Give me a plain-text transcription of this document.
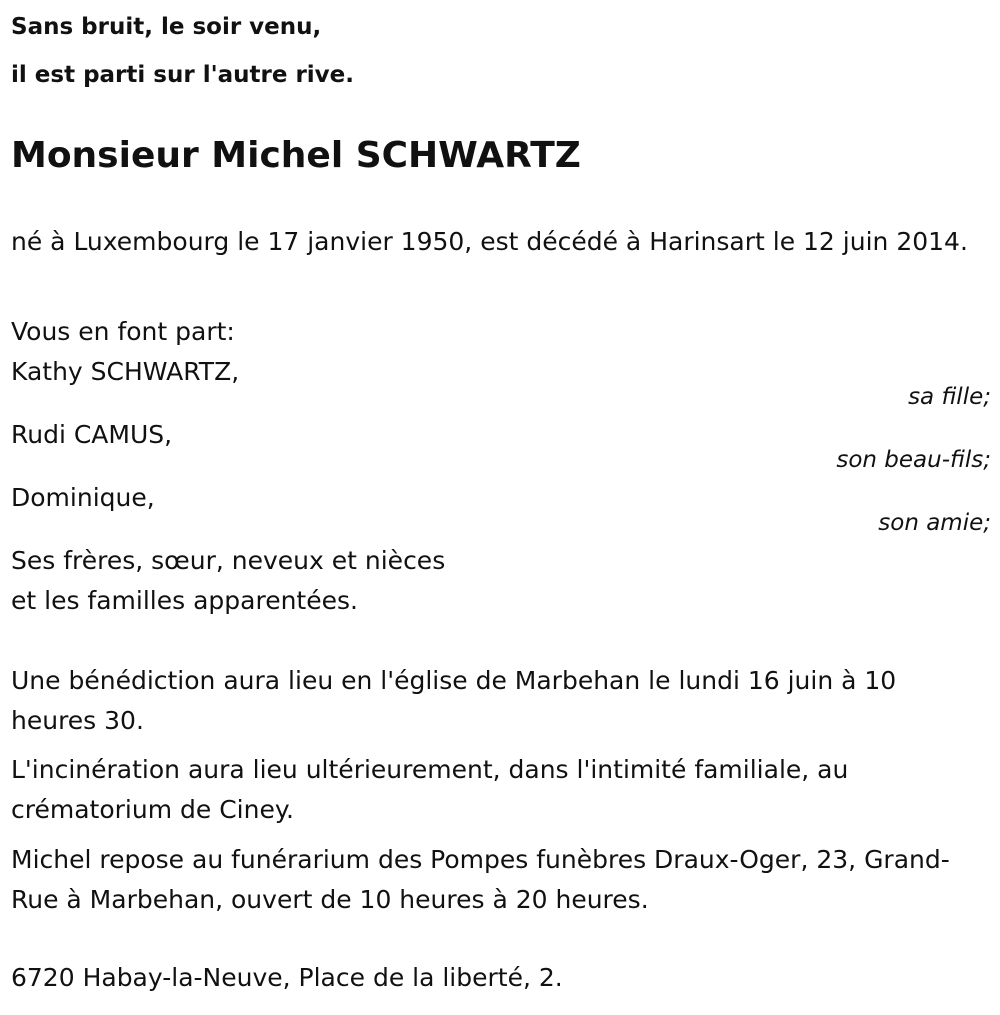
Sans bruit, le soir venu,

il est parti sur l'autre rive.

Monsieur Michel SCHWARTZ

né à Luxembourg le 17 janvier 1950, est décédé à Harinsart le 12 juin 2014.

Vous en font part:

Kathy SCHWARTZ,

sa fille;

Rudi CAMUS,

son beau-fils;

Dominique,

son amie;

Ses frères, sœur, neveux et nièces

et les familles apparentées.

Une bénédiction aura lieu en l'église de Marbehan le lundi 16 juin à 10 heures 30.

L'incinération aura lieu ultérieurement, dans l'intimité familiale, au crématorium de Ciney.

Michel repose au funérarium des Pompes funèbres Draux-Oger, 23, Grand-Rue à Marbehan, ouvert de 10 heures à 20 heures.

6720 Habay-la-Neuve, Place de la liberté, 2.
